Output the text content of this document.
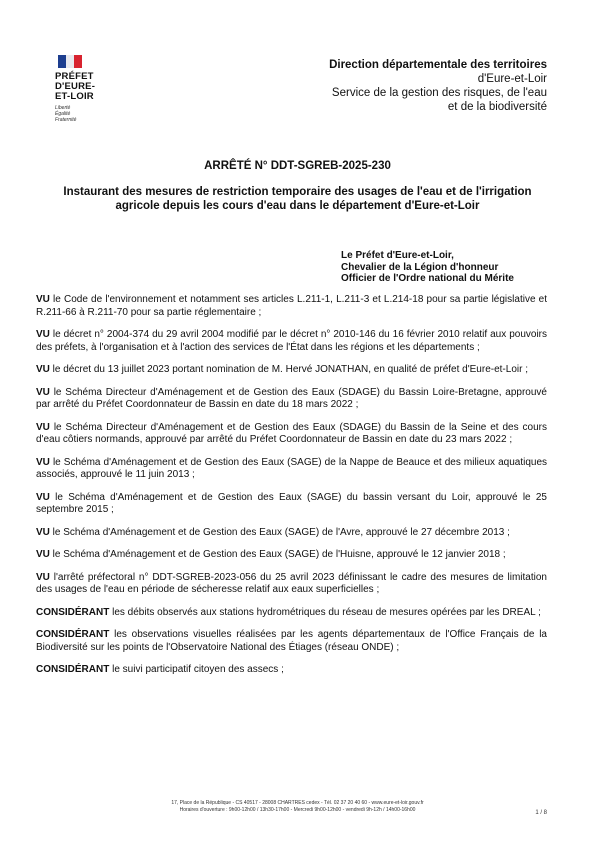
PRÉFET
D'EURE-
ET-LOIR
Liberté
Égalité
Fraternité
Direction départementale des territoires
d'Eure-et-Loir
Service de la gestion des risques, de l'eau
et de la biodiversité
ARRÊTÉ N° DDT-SGREB-2025-230
Instaurant des mesures de restriction temporaire des usages de l'eau et de l'irrigation agricole depuis les cours d'eau dans le département d'Eure-et-Loir
Le Préfet d'Eure-et-Loir,
Chevalier de la Légion d'honneur
Officier de l'Ordre national du Mérite

VU le Code de l'environnement et notamment ses articles L.211-1, L.211-3 et L.214-18 pour sa partie législative et R.211-66 à R.211-70 pour sa partie réglementaire ;

VU le décret n° 2004-374 du 29 avril 2004 modifié par le décret n° 2010-146 du 16 février 2010 relatif aux pouvoirs des préfets, à l'organisation et à l'action des services de l'État dans les régions et les départements ;

VU le décret du 13 juillet 2023 portant nomination de M. Hervé JONATHAN, en qualité de préfet d'Eure-et-Loir ;

VU le Schéma Directeur d'Aménagement et de Gestion des Eaux (SDAGE) du Bassin Loire-Bretagne, approuvé par arrêté du Préfet Coordonnateur de Bassin en date du 18 mars 2022 ;

VU le Schéma Directeur d'Aménagement et de Gestion des Eaux (SDAGE) du Bassin de la Seine et des cours d'eau côtiers normands, approuvé par arrêté du Préfet Coordonnateur de Bassin en date du 23 mars 2022 ;

VU le Schéma d'Aménagement et de Gestion des Eaux (SAGE) de la Nappe de Beauce et des milieux aquatiques associés, approuvé le 11 juin 2013 ;

VU le Schéma d'Aménagement et de Gestion des Eaux (SAGE) du bassin versant du Loir, approuvé le 25 septembre 2015 ;

VU le Schéma d'Aménagement et de Gestion des Eaux (SAGE) de l'Avre, approuvé le 27 décembre 2013 ;

VU le Schéma d'Aménagement et de Gestion des Eaux (SAGE) de l'Huisne, approuvé le 12 janvier 2018 ;

VU l'arrêté préfectoral n° DDT-SGREB-2023-056 du 25 avril 2023 définissant le cadre des mesures de limitation des usages de l'eau en période de sécheresse relatif aux eaux superficielles ;

CONSIDÉRANT les débits observés aux stations hydrométriques du réseau de mesures opérées par les DREAL ;

CONSIDÉRANT les observations visuelles réalisées par les agents départementaux de l'Office Français de la Biodiversité sur les points de l'Observatoire National des Étiages (réseau ONDE) ;

CONSIDÉRANT le suivi participatif citoyen des assecs ;

17, Place de la République - CS 40517 - 28008 CHARTRES cedex - Tél. 02 37 20 40 60 - www.eure-et-loir.gouv.fr
Horaires d'ouverture : 9h00-12h00 / 13h30-17h00 - Mercredi 9h00-12h00 - vendredi 9h-12h / 14h00-16h00	1 / 8
